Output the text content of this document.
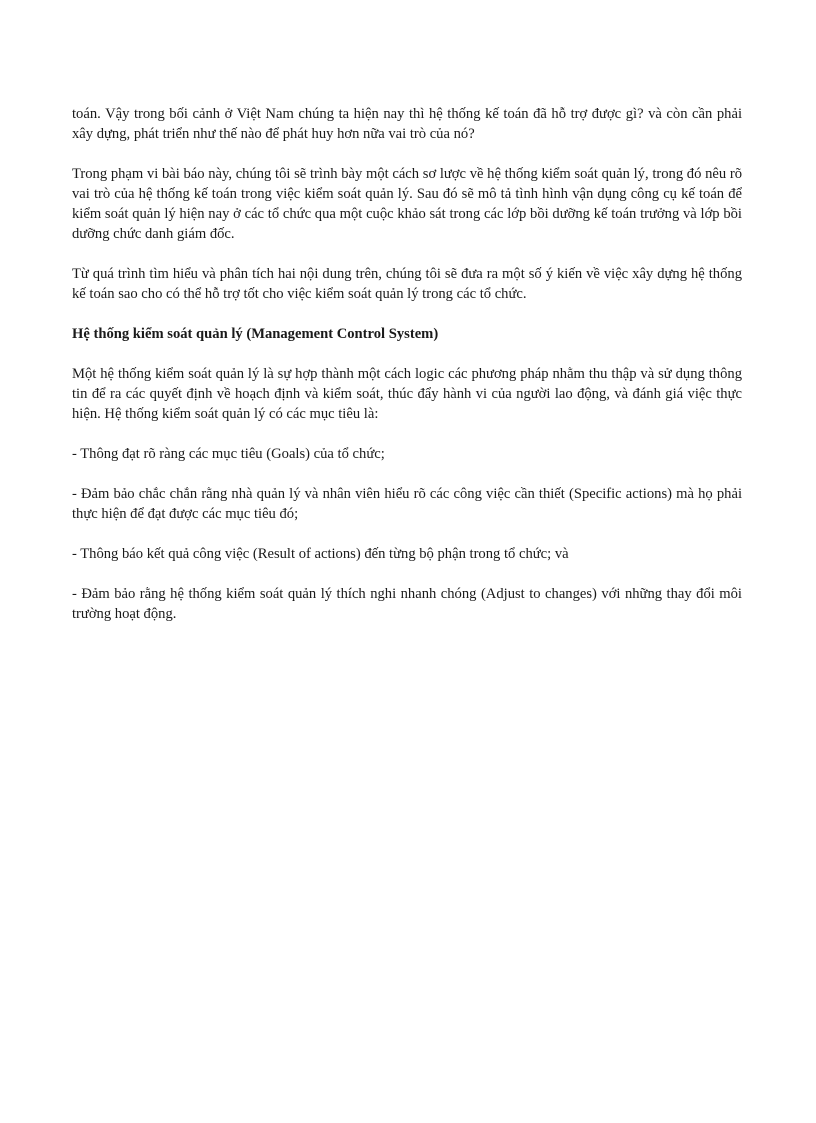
toán. Vậy trong bối cảnh ở Việt Nam chúng ta hiện nay thì hệ thống kế toán đã hỗ trợ được gì? và còn cần phải xây dựng, phát triển như thế nào để phát huy hơn nữa vai trò của nó?

Trong phạm vi bài báo này, chúng tôi sẽ trình bày một cách sơ lược về hệ thống kiểm soát quản lý, trong đó nêu rõ vai trò của hệ thống kế toán trong việc kiểm soát quản lý. Sau đó sẽ mô tả tình hình vận dụng công cụ kế toán để kiểm soát quản lý hiện nay ở các tổ chức qua một cuộc khảo sát trong các lớp bồi dưỡng kế toán trưởng và lớp bồi dưỡng chức danh giám đốc.

Từ quá trình tìm hiểu và phân tích hai nội dung trên, chúng tôi sẽ đưa ra một số ý kiến về việc xây dựng hệ thống kế toán sao cho có thể hỗ trợ tốt cho việc kiểm soát quản lý trong các tổ chức.

Hệ thống kiểm soát quản lý (Management Control System)

Một hệ thống kiểm soát quản lý là sự hợp thành một cách logic các phương pháp nhằm thu thập và sử dụng thông tin để ra các quyết định về hoạch định và kiểm soát, thúc đẩy hành vi của người lao động, và đánh giá việc thực hiện. Hệ thống kiểm soát quản lý có các mục tiêu là:

- Thông đạt rõ ràng các mục tiêu (Goals) của tổ chức;

- Đảm bảo chắc chắn rằng nhà quản lý và nhân viên hiểu rõ các công việc cần thiết (Specific actions) mà họ phải thực hiện để đạt được các mục tiêu đó;

- Thông báo kết quả công việc (Result of actions) đến từng bộ phận trong tổ chức; và

- Đảm bảo rằng hệ thống kiểm soát quản lý thích nghi nhanh chóng (Adjust to changes) với những thay đổi môi trường hoạt động.
